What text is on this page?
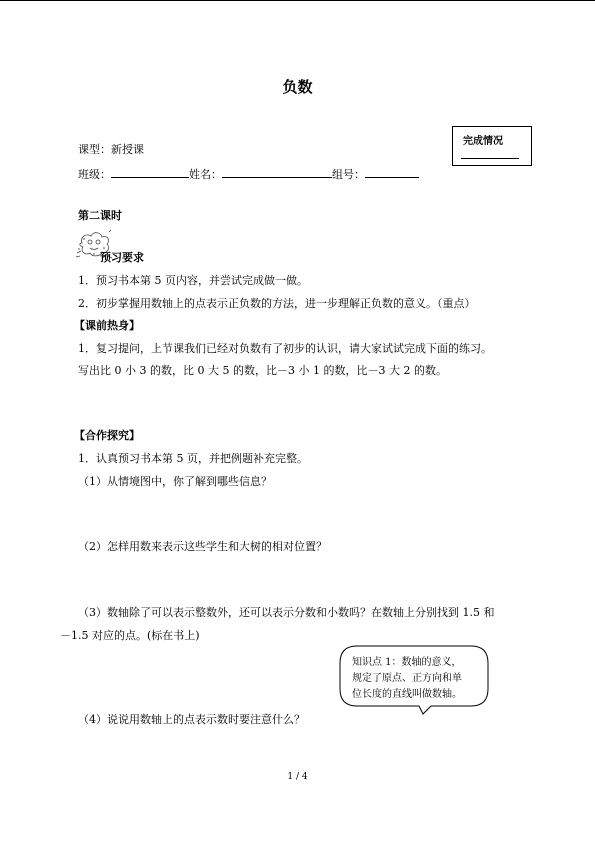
负数
完成情况
课型：新授课
班级：	姓名：	组号：
第二课时
预习要求
1．预习书本第 5 页内容，并尝试完成做一做。
2．初步掌握用数轴上的点表示正负数的方法，进一步理解正负数的意义。（重点）
【课前热身】
1．复习提问，上节课我们已经对负数有了初步的认识，请大家试试完成下面的练习。
写出比 0 小 3 的数，比 0 大 5 的数，比－3 小 1 的数，比－3 大 2 的数。
【合作探究】
1．认真预习书本第 5 页，并把例题补充完整。
（1）从情境图中，你了解到哪些信息？
（2）怎样用数来表示这些学生和大树的相对位置？
（3）数轴除了可以表示整数外，还可以表示分数和小数吗？在数轴上分别找到 1.5 和
－1.5 对应的点。(标在书上)
知识点 1：数轴的意义，
规定了原点、正方向和单
位长度的直线叫做数轴。
（4）说说用数轴上的点表示数时要注意什么？
1 / 4
